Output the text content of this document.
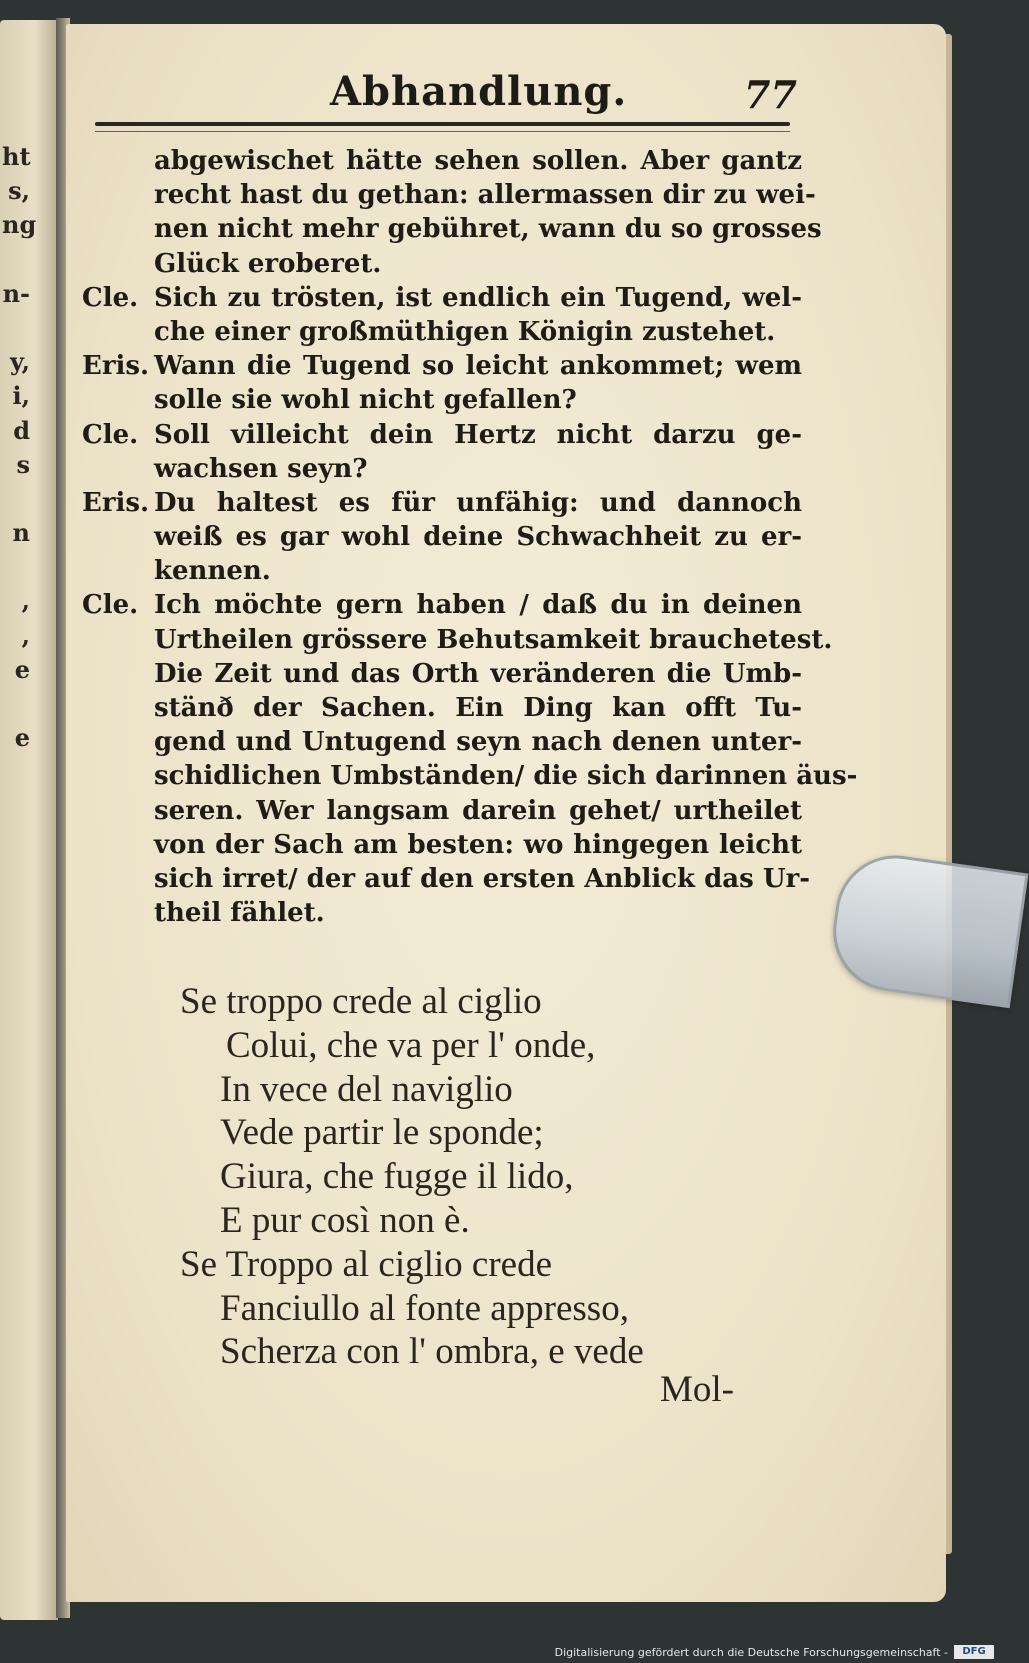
ht
s,
ng
n-
y,
i,
d
s
n
,
,
e
e
Abhandlung.	77
abgewischet hätte sehen sollen. Aber gantz
recht hast du gethan: allermassen dir zu wei-
nen nicht mehr gebühret, wann du so grosses
Glück eroberet.
Cle. Sich zu trösten, ist endlich ein Tugend, wel-
che einer großmüthigen Königin zustehet.
Eris. Wann die Tugend so leicht ankommet; wem
solle sie wohl nicht gefallen?
Cle. Soll villeicht dein Hertz nicht darzu ge-
wachsen seyn?
Eris. Du haltest es für unfähig: und dannoch
weiß es gar wohl deine Schwachheit zu er-
kennen.
Cle. Ich möchte gern haben / daß du in deinen
Urtheilen grössere Behutsamkeit brauchetest.
Die Zeit und das Orth veränderen die Umb-
stänð der Sachen. Ein Ding kan offt Tu-
gend und Untugend seyn nach denen unter-
schidlichen Umbständen/ die sich darinnen äus-
seren. Wer langsam darein gehet/ urtheilet
von der Sach am besten: wo hingegen leicht
sich irret/ der auf den ersten Anblick das Ur-
theil fählet.
Se troppo crede al ciglio
Colui, che va per l' onde,
In vece del naviglio
Vede partir le sponde;
Giura, che fugge il lido,
E pur così non è.
Se Troppo al ciglio crede
Fanciullo al fonte appresso,
Scherza con l' ombra, e vede
Mol-
Digitalisierung gefördert durch die Deutsche Forschungsgemeinschaft -	DFG
